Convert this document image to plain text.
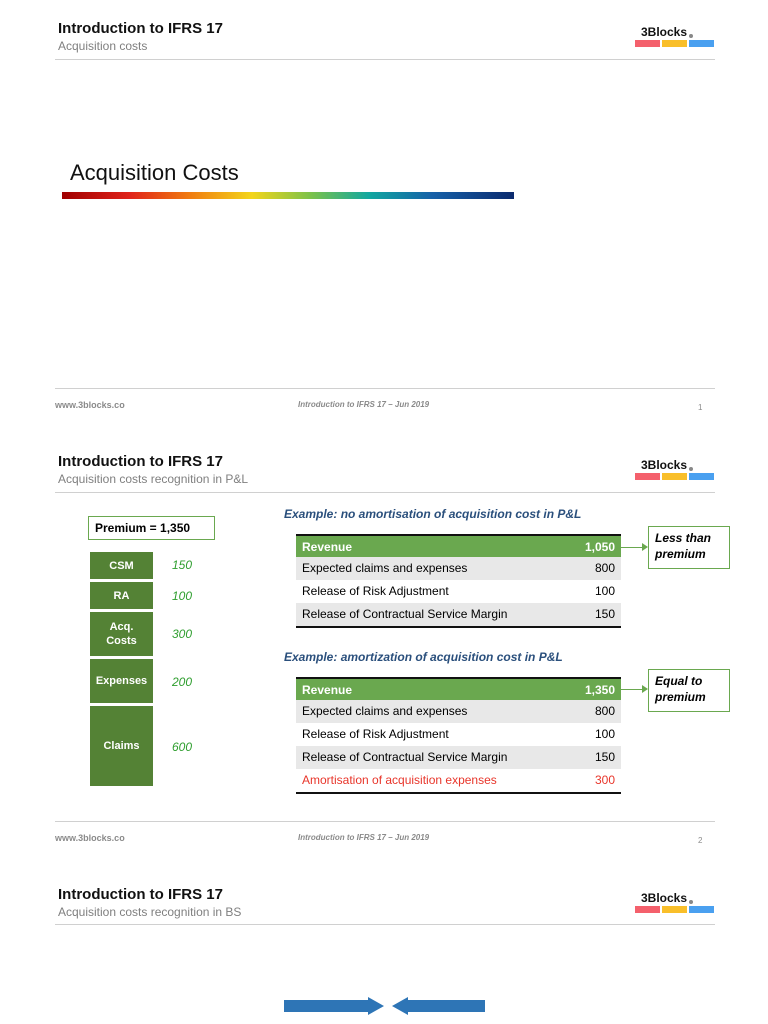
Introduction to IFRS 17
Acquisition costs
3Blocks
Acquisition Costs
www.3blocks.co	Introduction to IFRS 17 – Jun 2019	1
Introduction to IFRS 17
Acquisition costs recognition in P&L
3Blocks
Premium = 1,350
CSM	150
RA	100
Acq. Costs	300
Expenses	200
Claims	600
Example: no amortisation of acquisition cost in P&L
Revenue	1,050
Expected claims and expenses	800
Release of Risk Adjustment	100
Release of Contractual Service Margin	150
Less than premium
Example: amortization of acquisition cost in P&L
Revenue	1,350
Expected claims and expenses	800
Release of Risk Adjustment	100
Release of Contractual Service Margin	150
Amortisation of acquisition expenses	300
Equal to premium
www.3blocks.co	Introduction to IFRS 17 – Jun 2019	2
Introduction to IFRS 17
Acquisition costs recognition in BS
3Blocks
